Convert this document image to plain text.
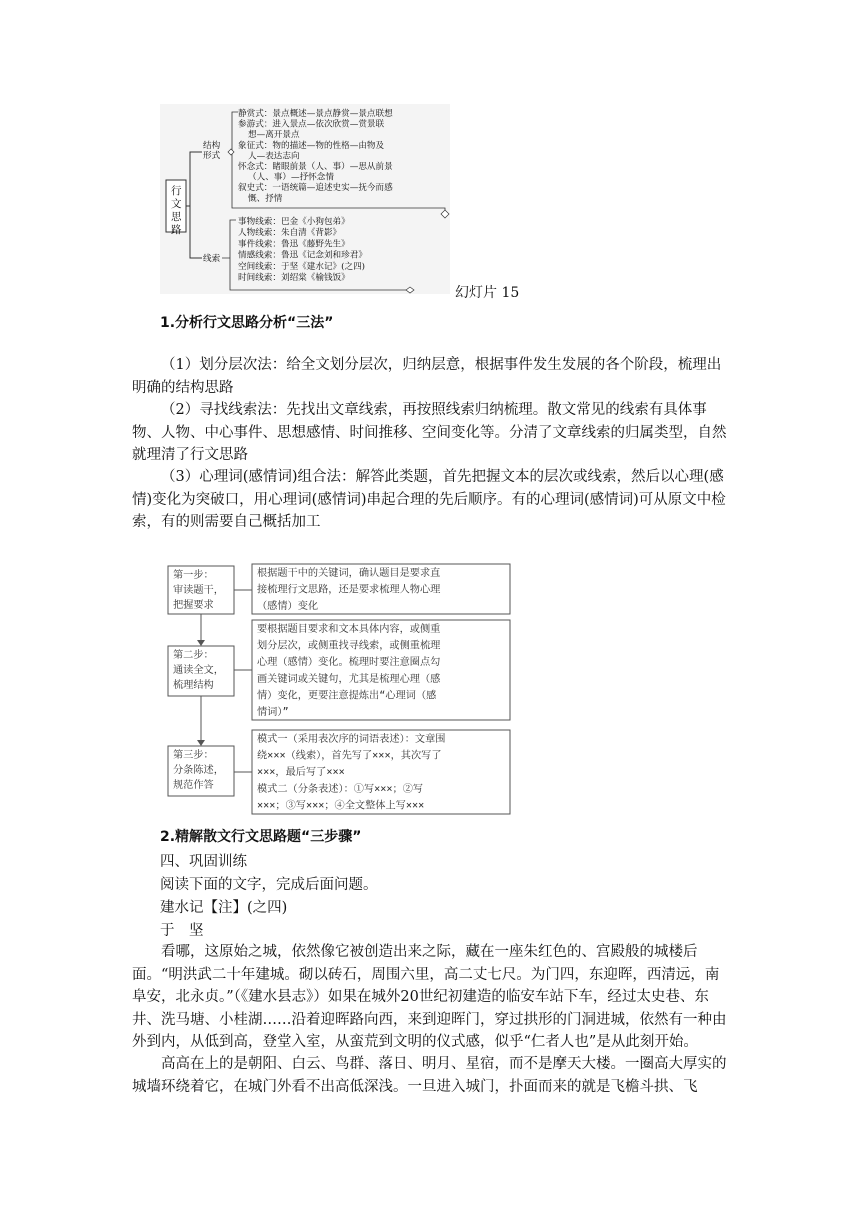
行
文
思
路
结构
形式
静赏式：景点概述—景点静赏—景点联想
参游式：进入景点—依次欣赏—赏景联
想—离开景点
象征式：物的描述—物的性格—由物及
人—表达志向
怀念式：睹眼前景（人、事）—思从前景
（人、事）—抒怀念情
叙史式：一语统篇—追述史实—抚今而感
慨、抒情
线索
事物线索：巴金《小狗包弟》
人物线索：朱自清《背影》
事件线索：鲁迅《藤野先生》
情感线索：鲁迅《记念刘和珍君》
空间线索：于坚《建水记》(之四)
时间线索：刘绍棠《榆钱饭》
幻灯片 15
1.分析行文思路分析“三法”
（1）划分层次法：给全文划分层次，归纳层意，根据事件发生发展的各个阶段，梳理出明确的结构思路
（2）寻找线索法：先找出文章线索，再按照线索归纳梳理。散文常见的线索有具体事物、人物、中心事件、思想感情、时间推移、空间变化等。分清了文章线索的归属类型，自然就理清了行文思路
（3）心理词(感情词)组合法：解答此类题，首先把握文本的层次或线索，然后以心理(感情)变化为突破口，用心理词(感情词)串起合理的先后顺序。有的心理词(感情词)可从原文中检索，有的则需要自己概括加工
第一步：
审读题干，
把握要求
根据题干中的关键词，确认题目是要求直
接梳理行文思路，还是要求梳理人物心理
（感情）变化
第二步：
通读全文，
梳理结构
要根据题目要求和文本具体内容，或侧重
划分层次，或侧重找寻线索，或侧重梳理
心理（感情）变化。梳理时要注意圈点勾
画关键词或关键句，尤其是梳理心理（感
情）变化，更要注意提炼出“心理词（感
情词）”
第三步：
分条陈述，
规范作答
模式一（采用表次序的词语表述）：文章围
绕×××（线索），首先写了×××，其次写了
×××，最后写了×××
模式二（分条表述）：①写×××；②写
×××；③写×××；④全文整体上写×××
2.精解散文行文思路题“三步骤”
四、巩固训练
阅读下面的文字，完成后面问题。
建水记【注】(之四)
于　坚
看哪，这原始之城，依然像它被创造出来之际，藏在一座朱红色的、宫殿般的城楼后面。“明洪武二十年建城。砌以砖石，周围六里，高二丈七尺。为门四，东迎晖，西清远，南阜安，北永贞。”（《建水县志》）如果在城外20世纪初建造的临安车站下车，经过太史巷、东井、洗马塘、小桂湖……沿着迎晖路向西，来到迎晖门，穿过拱形的门洞进城，依然有一种由外到内，从低到高，登堂入室，从蛮荒到文明的仪式感，似乎“仁者人也”是从此刻开始。
高高在上的是朝阳、白云、鸟群、落日、明月、星宿，而不是摩天大楼。一圈高大厚实的城墙环绕着它，在城门外看不出高低深浅。一旦进入城门，扑面而来的就是飞檐斗拱、飞
